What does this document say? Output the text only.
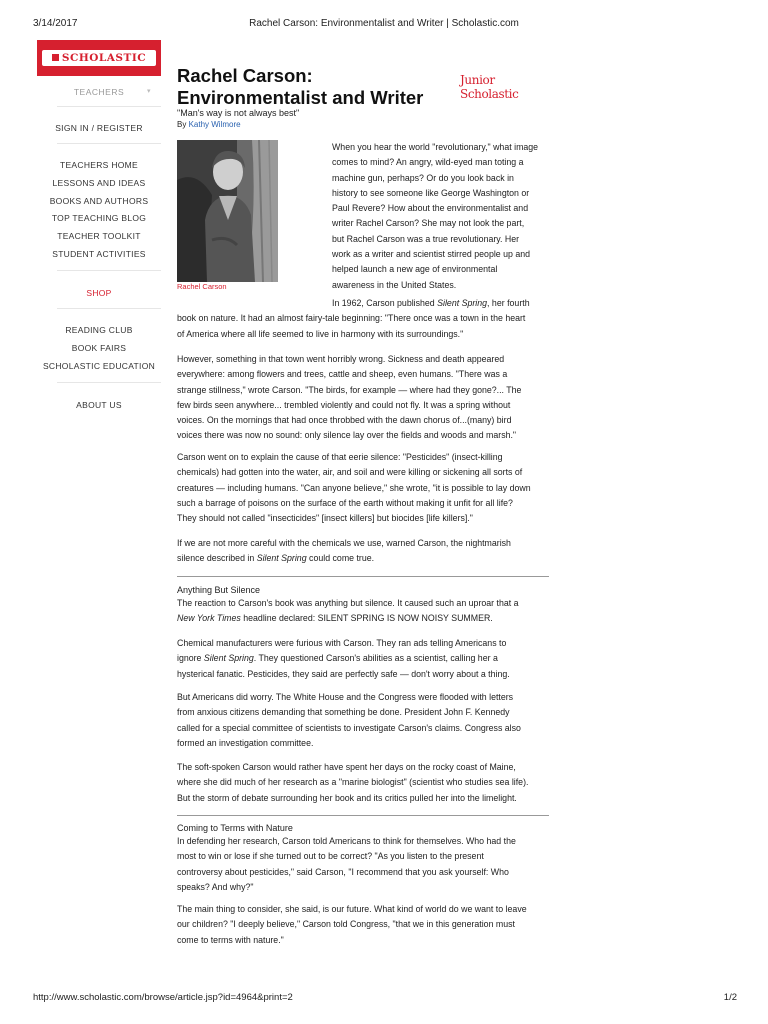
3/14/2017	Rachel Carson: Environmentalist and Writer | Scholastic.com
SCHOLASTIC
TEACHERS	▾
SIGN IN / REGISTER
TEACHERS HOME
LESSONS AND IDEAS
BOOKS AND AUTHORS
TOP TEACHING BLOG
TEACHER TOOLKIT
STUDENT ACTIVITIES
SHOP
READING CLUB
BOOK FAIRS
SCHOLASTIC EDUCATION
ABOUT US
Rachel Carson:
Environmentalist and Writer
Junior Scholastic
"Man's way is not always best"
By Kathy Wilmore
Rachel Carson

When you hear the world "revolutionary," what image
comes to mind? An angry, wild-eyed man toting a
machine gun, perhaps? Or do you look back in
history to see someone like George Washington or
Paul Revere? How about the environmentalist and
writer Rachel Carson? She may not look the part,
but Rachel Carson was a true revolutionary. Her
work as a writer and scientist stirred people up and
helped launch a new age of environmental
awareness in the United States.

In 1962, Carson published Silent Spring, her fourth
book on nature. It had an almost fairy-tale beginning: "There once was a town in the heart
of America where all life seemed to live in harmony with its surroundings."

However, something in that town went horribly wrong. Sickness and death appeared
everywhere: among flowers and trees, cattle and sheep, even humans. "There was a
strange stillness," wrote Carson. "The birds, for example — where had they gone?... The
few birds seen anywhere... trembled violently and could not fly. It was a spring without
voices. On the mornings that had once throbbed with the dawn chorus of...(many) bird
voices there was now no sound: only silence lay over the fields and woods and marsh."

Carson went on to explain the cause of that eerie silence: "Pesticides" (insect-killing
chemicals) had gotten into the water, air, and soil and were killing or sickening all sorts of
creatures — including humans. "Can anyone believe," she wrote, "it is possible to lay down
such a barrage of poisons on the surface of the earth without making it unfit for all life?
They should not called "insecticides" [insect killers] but biocides [life killers]."

If we are not more careful with the chemicals we use, warned Carson, the nightmarish
silence described in Silent Spring could come true.

Anything But Silence

The reaction to Carson's book was anything but silence. It caused such an uproar that a
New York Times headline declared: SILENT SPRING IS NOW NOISY SUMMER.

Chemical manufacturers were furious with Carson. They ran ads telling Americans to
ignore Silent Spring. They questioned Carson's abilities as a scientist, calling her a
hysterical fanatic. Pesticides, they said are perfectly safe — don't worry about a thing.

But Americans did worry. The White House and the Congress were flooded with letters
from anxious citizens demanding that something be done. President John F. Kennedy
called for a special committee of scientists to investigate Carson's claims. Congress also
formed an investigation committee.

The soft-spoken Carson would rather have spent her days on the rocky coast of Maine,
where she did much of her research as a "marine biologist" (scientist who studies sea life).
But the storm of debate surrounding her book and its critics pulled her into the limelight.

Coming to Terms with Nature

In defending her research, Carson told Americans to think for themselves. Who had the
most to win or lose if she turned out to be correct? "As you listen to the present
controversy about pesticides," said Carson, "I recommend that you ask yourself: Who
speaks? And why?"

The main thing to consider, she said, is our future. What kind of world do we want to leave
our children? "I deeply believe," Carson told Congress, "that we in this generation must
come to terms with nature."

http://www.scholastic.com/browse/article.jsp?id=4964&print=2	1/2
